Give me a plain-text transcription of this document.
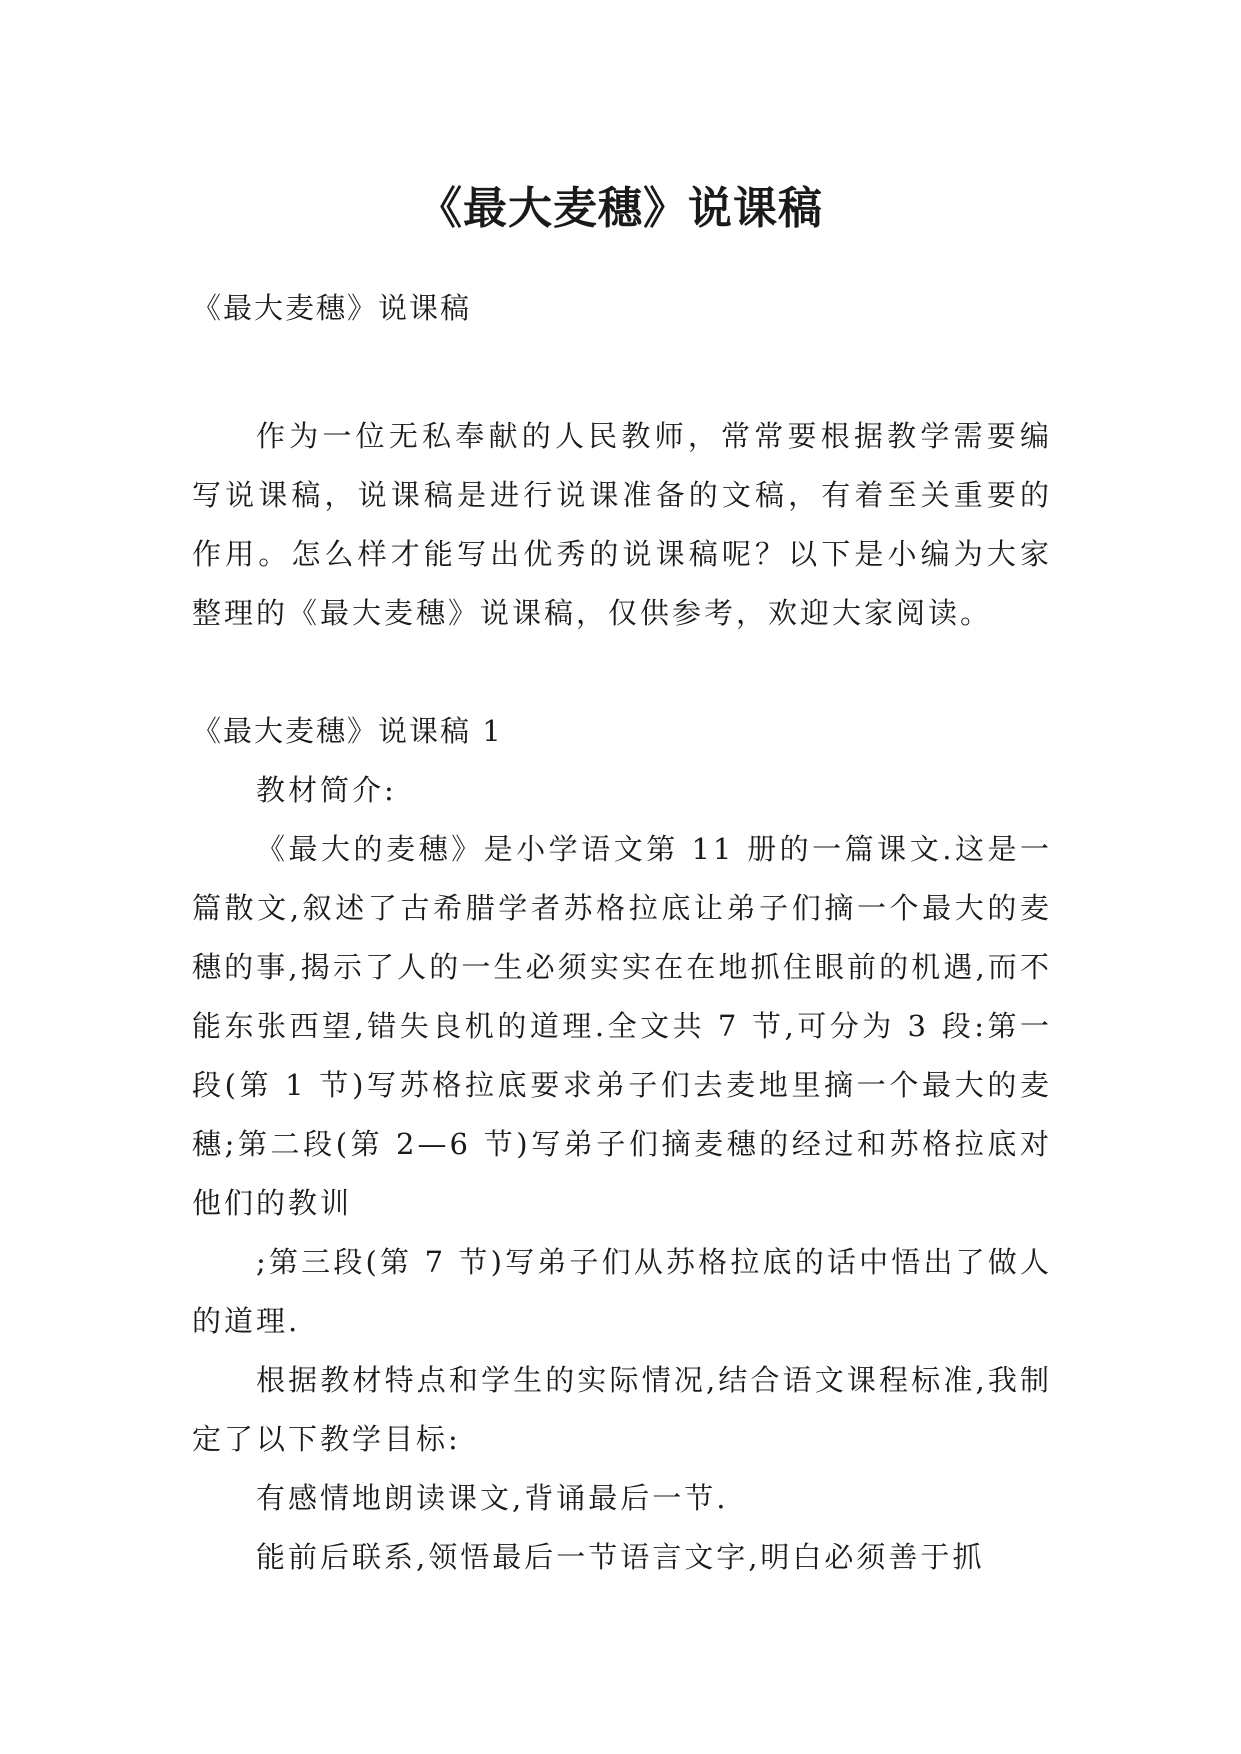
《最大麦穗》说课稿
《最大麦穗》说课稿

作为一位无私奉献的人民教师，常常要根据教学需要编写说课稿，说课稿是进行说课准备的文稿，有着至关重要的作用。怎么样才能写出优秀的说课稿呢？以下是小编为大家整理的《最大麦穗》说课稿，仅供参考，欢迎大家阅读。

《最大麦穗》说课稿 1

教材简介:

《最大的麦穗》是小学语文第 11 册的一篇课文.这是一篇散文,叙述了古希腊学者苏格拉底让弟子们摘一个最大的麦穗的事,揭示了人的一生必须实实在在地抓住眼前的机遇,而不能东张西望,错失良机的道理.全文共 7 节,可分为 3 段:第一段(第 1 节)写苏格拉底要求弟子们去麦地里摘一个最大的麦穗;第二段(第 2—6 节)写弟子们摘麦穗的经过和苏格拉底对他们的教训

;第三段(第 7 节)写弟子们从苏格拉底的话中悟出了做人的道理.

根据教材特点和学生的实际情况,结合语文课程标准,我制定了以下教学目标:

有感情地朗读课文,背诵最后一节.

能前后联系,领悟最后一节语言文字,明白必须善于抓
